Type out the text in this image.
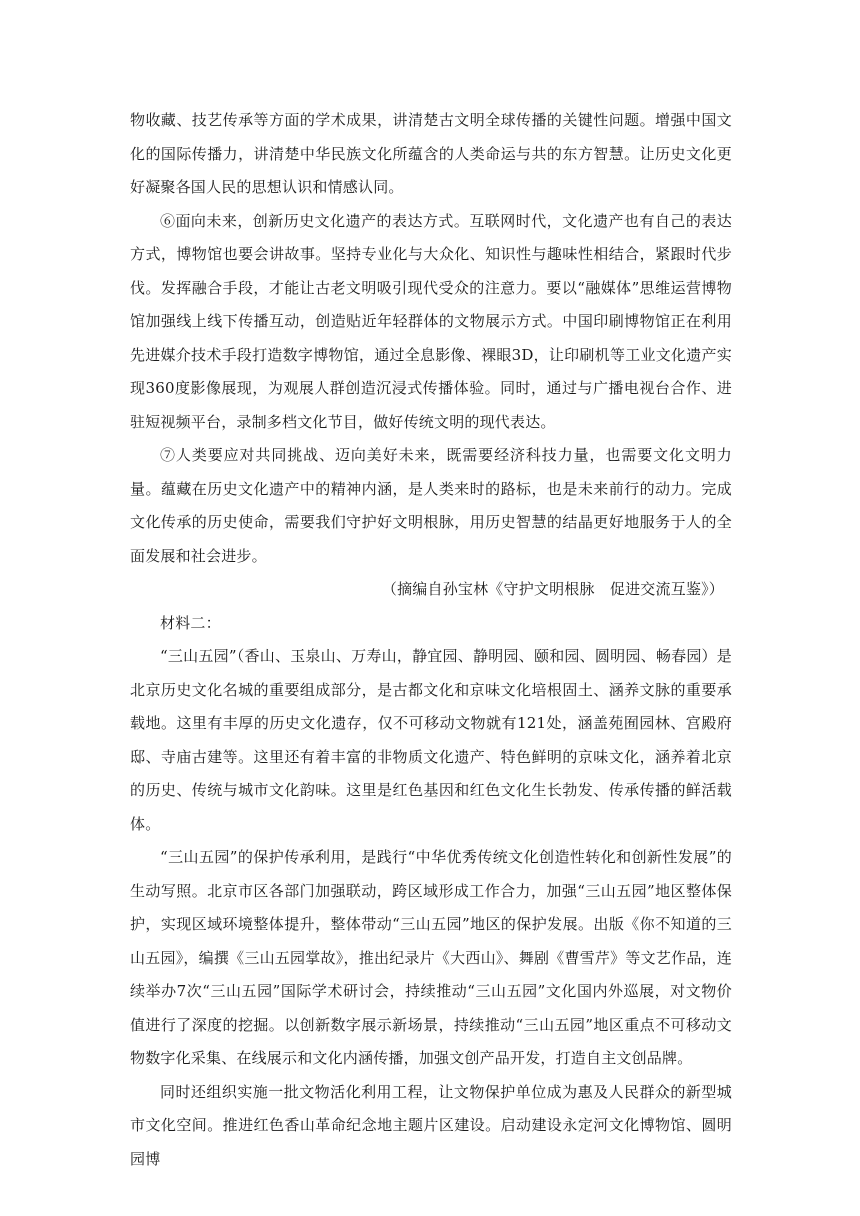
物收藏、技艺传承等方面的学术成果，讲清楚古文明全球传播的关键性问题。增强中国文化的国际传播力，讲清楚中华民族文化所蕴含的人类命运与共的东方智慧。让历史文化更好凝聚各国人民的思想认识和情感认同。

⑥面向未来，创新历史文化遗产的表达方式。互联网时代，文化遗产也有自己的表达方式，博物馆也要会讲故事。坚持专业化与大众化、知识性与趣味性相结合，紧跟时代步伐。发挥融合手段，才能让古老文明吸引现代受众的注意力。要以“融媒体”思维运营博物馆加强线上线下传播互动，创造贴近年轻群体的文物展示方式。中国印刷博物馆正在利用先进媒介技术手段打造数字博物馆，通过全息影像、裸眼3D，让印刷机等工业文化遗产实现360度影像展现，为观展人群创造沉浸式传播体验。同时，通过与广播电视台合作、进驻短视频平台，录制多档文化节目，做好传统文明的现代表达。

⑦人类要应对共同挑战、迈向美好未来，既需要经济科技力量，也需要文化文明力量。蕴藏在历史文化遗产中的精神内涵，是人类来时的路标，也是未来前行的动力。完成文化传承的历史使命，需要我们守护好文明根脉，用历史智慧的结晶更好地服务于人的全面发展和社会进步。

（摘编自孙宝林《守护文明根脉　促进交流互鉴》）

材料二：

“三山五园”（香山、玉泉山、万寿山，静宜园、静明园、颐和园、圆明园、畅春园）是北京历史文化名城的重要组成部分，是古都文化和京味文化培根固土、涵养文脉的重要承载地。这里有丰厚的历史文化遗存，仅不可移动文物就有121处，涵盖苑囿园林、宫殿府邸、寺庙古建等。这里还有着丰富的非物质文化遗产、特色鲜明的京味文化，涵养着北京的历史、传统与城市文化韵味。这里是红色基因和红色文化生长勃发、传承传播的鲜活载体。

“三山五园”的保护传承利用，是践行“中华优秀传统文化创造性转化和创新性发展”的生动写照。北京市区各部门加强联动，跨区域形成工作合力，加强“三山五园”地区整体保护，实现区域环境整体提升，整体带动“三山五园”地区的保护发展。出版《你不知道的三山五园》，编撰《三山五园掌故》，推出纪录片《大西山》、舞剧《曹雪芹》等文艺作品，连续举办7次“三山五园”国际学术研讨会，持续推动“三山五园”文化国内外巡展，对文物价值进行了深度的挖掘。以创新数字展示新场景，持续推动“三山五园”地区重点不可移动文物数字化采集、在线展示和文化内涵传播，加强文创产品开发，打造自主文创品牌。

同时还组织实施一批文物活化利用工程，让文物保护单位成为惠及人民群众的新型城市文化空间。推进红色香山革命纪念地主题片区建设。启动建设永定河文化博物馆、圆明园博
